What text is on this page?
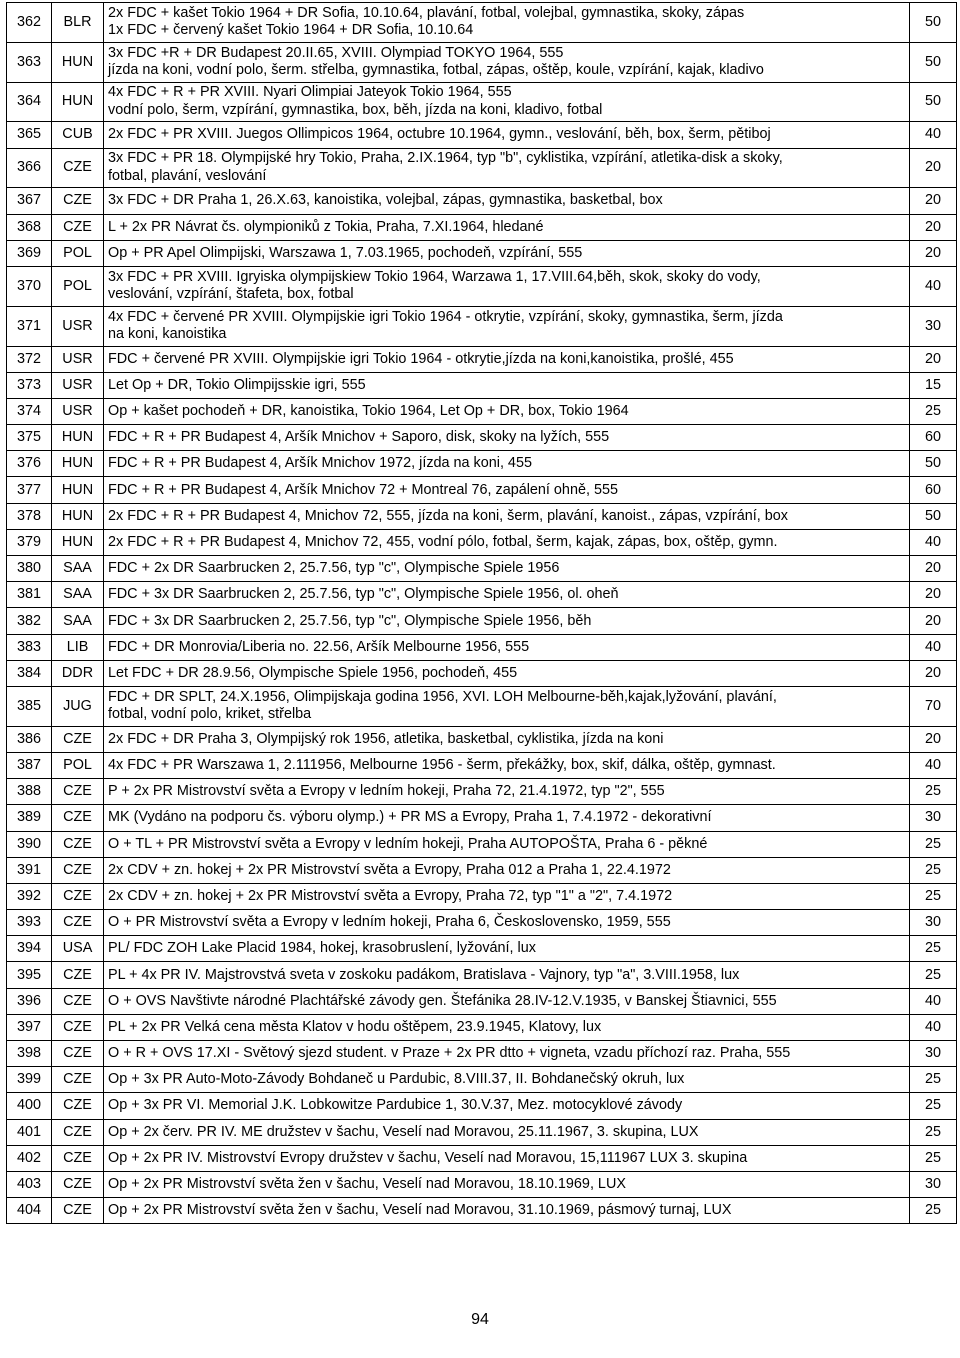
362	BLR	2x FDC + kašet Tokio 1964 + DR Sofia, 10.10.64, plavání, fotbal, volejbal, gymnastika, skoky, zápas
1x FDC + červený kašet Tokio 1964 + DR Sofia, 10.10.64	50
363	HUN	3x FDC +R + DR Budapest 20.II.65, XVIII. Olympiad TOKYO 1964, 555
jízda na koni, vodní polo, šerm. střelba, gymnastika, fotbal, zápas, oštěp, koule, vzpírání, kajak, kladivo	50
364	HUN	4x FDC + R + PR XVIII. Nyari Olimpiai Jateyok Tokio 1964, 555
vodní polo, šerm, vzpírání, gymnastika, box, běh, jízda na koni, kladivo, fotbal	50
365	CUB	2x FDC + PR XVIII. Juegos Ollimpicos 1964, octubre 10.1964, gymn., veslování, běh, box, šerm, pětiboj	40
366	CZE	3x FDC + PR 18. Olympijské hry Tokio, Praha, 2.IX.1964, typ "b", cyklistika, vzpírání, atletika-disk a skoky,
fotbal, plavání, veslování	20
367	CZE	3x FDC + DR Praha 1, 26.X.63, kanoistika, volejbal, zápas, gymnastika, basketbal, box	20
368	CZE	L + 2x PR Návrat čs. olympioniků z Tokia, Praha, 7.XI.1964, hledané	20
369	POL	Op + PR Apel Olimpijski, Warszawa 1, 7.03.1965, pochodeň, vzpírání, 555	20
370	POL	3x FDC + PR XVIII. Igryiska olympijskiew Tokio 1964, Warzawa 1, 17.VIII.64,běh, skok, skoky do vody,
veslování, vzpírání, štafeta, box, fotbal	40
371	USR	4x FDC + červené PR XVIII. Olympijskie igri Tokio 1964 - otkrytie, vzpírání, skoky, gymnastika, šerm, jízda
na koni, kanoistika	30
372	USR	FDC + červené PR XVIII. Olympijskie igri Tokio 1964 - otkrytie,jízda na koni,kanoistika, prošlé, 455	20
373	USR	Let Op + DR, Tokio Olimpijsskie igri, 555	15
374	USR	Op + kašet pochodeň + DR, kanoistika, Tokio 1964, Let Op + DR, box, Tokio 1964	25
375	HUN	FDC + R + PR Budapest 4, Aršík Mnichov + Saporo, disk, skoky na lyžích, 555	60
376	HUN	FDC + R + PR Budapest 4, Aršík Mnichov 1972, jízda na koni, 455	50
377	HUN	FDC + R + PR Budapest 4, Aršík Mnichov 72 + Montreal 76, zapálení ohně, 555	60
378	HUN	2x FDC + R + PR Budapest 4, Mnichov 72, 555, jízda na koni, šerm, plavání, kanoist., zápas, vzpírání, box	50
379	HUN	2x FDC + R + PR Budapest 4, Mnichov 72, 455, vodní pólo, fotbal, šerm, kajak, zápas, box, oštěp, gymn.	40
380	SAA	FDC + 2x DR Saarbrucken 2, 25.7.56, typ "c", Olympische Spiele 1956	20
381	SAA	FDC + 3x DR Saarbrucken 2, 25.7.56, typ "c", Olympische Spiele 1956, ol. oheň	20
382	SAA	FDC + 3x DR Saarbrucken 2, 25.7.56, typ "c", Olympische Spiele 1956, běh	20
383	LIB	FDC + DR Monrovia/Liberia no. 22.56, Aršík Melbourne 1956, 555	40
384	DDR	Let FDC + DR 28.9.56, Olympische Spiele 1956, pochodeň, 455	20
385	JUG	FDC + DR SPLT, 24.X.1956, Olimpijskaja godina 1956, XVI. LOH Melbourne-běh,kajak,lyžování, plavání,
fotbal, vodní polo, kriket, střelba	70
386	CZE	2x FDC + DR Praha 3, Olympijský rok 1956, atletika, basketbal, cyklistika, jízda na koni	20
387	POL	4x FDC + PR Warszawa 1, 2.111956, Melbourne 1956 - šerm, překážky, box, skif, dálka, oštěp, gymnast.	40
388	CZE	P + 2x PR Mistrovství světa a Evropy v ledním hokeji, Praha 72, 21.4.1972, typ "2", 555	25
389	CZE	MK (Vydáno na podporu čs. výboru olymp.) + PR MS a Evropy, Praha 1, 7.4.1972 - dekorativní	30
390	CZE	O + TL + PR Mistrovství světa a Evropy v ledním hokeji, Praha AUTOPOŠTA, Praha 6 - pěkné	25
391	CZE	2x CDV + zn. hokej + 2x PR Mistrovství světa a Evropy, Praha 012 a Praha 1, 22.4.1972	25
392	CZE	2x CDV + zn. hokej + 2x PR Mistrovství světa a Evropy, Praha 72, typ "1" a "2", 7.4.1972	25
393	CZE	O + PR Mistrovství světa a Evropy v ledním hokeji, Praha 6, Československo, 1959, 555	30
394	USA	PL/ FDC ZOH Lake Placid 1984, hokej, krasobruslení, lyžování, lux	25
395	CZE	PL + 4x PR IV. Majstrovstvá sveta v zoskoku padákom, Bratislava - Vajnory, typ "a", 3.VIII.1958, lux	25
396	CZE	O + OVS Navštivte národné Plachtářské závody gen. Štefánika 28.IV-12.V.1935, v Banskej Štiavnici, 555	40
397	CZE	PL + 2x PR Velká cena města Klatov v hodu oštěpem, 23.9.1945, Klatovy, lux	40
398	CZE	O + R + OVS 17.XI - Světový sjezd student. v Praze + 2x PR dtto + vigneta, vzadu příchozí raz. Praha, 555	30
399	CZE	Op + 3x PR Auto-Moto-Závody Bohdaneč u Pardubic, 8.VIII.37, II. Bohdanečský okruh, lux	25
400	CZE	Op + 3x PR VI. Memorial J.K. Lobkowitze Pardubice 1, 30.V.37, Mez. motocyklové závody	25
401	CZE	Op + 2x červ. PR IV. ME družstev v šachu, Veselí nad Moravou, 25.11.1967, 3. skupina, LUX	25
402	CZE	Op + 2x PR IV. Mistrovství Evropy družstev v šachu, Veselí nad Moravou, 15,111967 LUX 3. skupina	25
403	CZE	Op + 2x PR Mistrovství světa žen v šachu, Veselí nad Moravou, 18.10.1969, LUX	30
404	CZE	Op + 2x PR Mistrovství světa žen v šachu, Veselí nad Moravou, 31.10.1969, pásmový turnaj, LUX	25
94
